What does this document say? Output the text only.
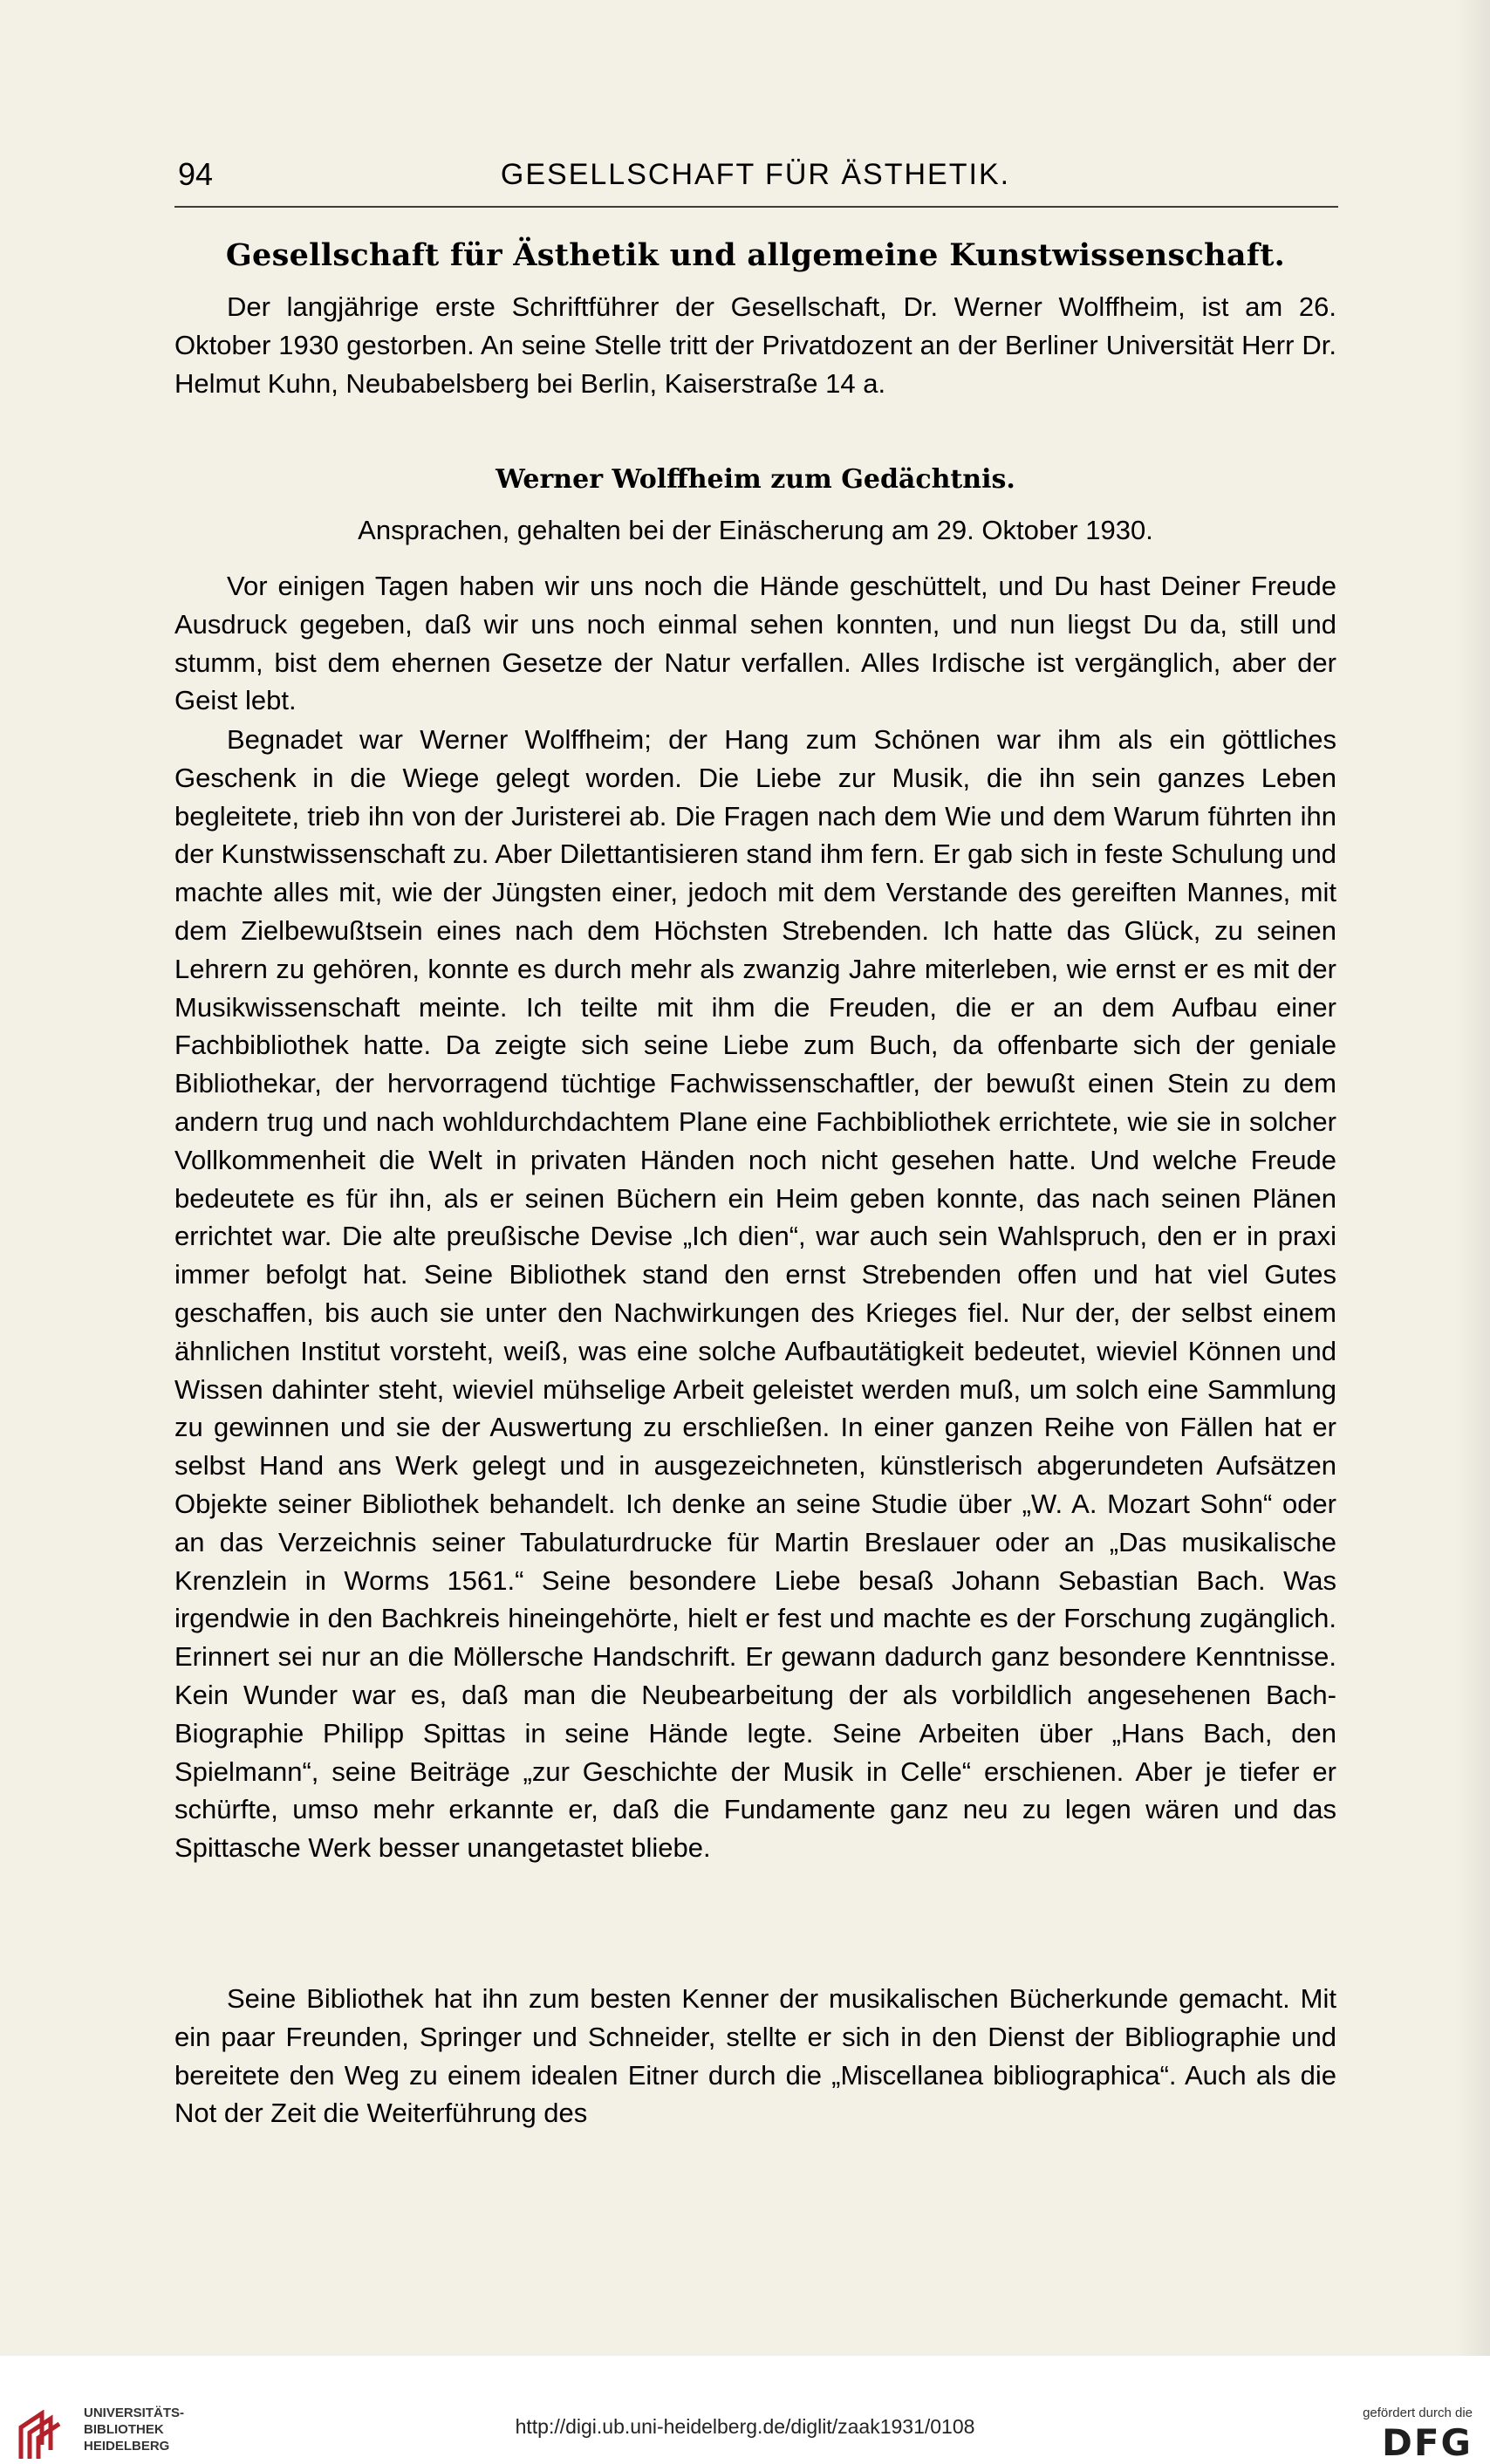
94	GESELLSCHAFT FÜR ÄSTHETIK.
Gesellschaft für Ästhetik und allgemeine Kunstwissenschaft.

Der langjährige erste Schriftführer der Gesellschaft, Dr. Werner Wolffheim, ist am 26. Oktober 1930 gestorben. An seine Stelle tritt der Privatdozent an der Berliner Universität Herr Dr. Helmut Kuhn, Neubabelsberg bei Berlin, Kaiserstraße 14 a.

Werner Wolffheim zum Gedächtnis.
Ansprachen, gehalten bei der Einäscherung am 29. Oktober 1930.

Vor einigen Tagen haben wir uns noch die Hände geschüttelt, und Du hast Deiner Freude Ausdruck gegeben, daß wir uns noch einmal sehen konnten, und nun liegst Du da, still und stumm, bist dem ehernen Gesetze der Natur verfallen. Alles Irdische ist vergänglich, aber der Geist lebt.

Begnadet war Werner Wolffheim; der Hang zum Schönen war ihm als ein göttliches Geschenk in die Wiege gelegt worden. Die Liebe zur Musik, die ihn sein ganzes Leben begleitete, trieb ihn von der Juristerei ab. Die Fragen nach dem Wie und dem Warum führten ihn der Kunstwissenschaft zu. Aber Dilettantisieren stand ihm fern. Er gab sich in feste Schulung und machte alles mit, wie der Jüngsten einer, jedoch mit dem Verstande des gereiften Mannes, mit dem Zielbewußtsein eines nach dem Höchsten Strebenden. Ich hatte das Glück, zu seinen Lehrern zu gehören, konnte es durch mehr als zwanzig Jahre miterleben, wie ernst er es mit der Musikwissenschaft meinte. Ich teilte mit ihm die Freuden, die er an dem Aufbau einer Fachbibliothek hatte. Da zeigte sich seine Liebe zum Buch, da offenbarte sich der geniale Bibliothekar, der hervorragend tüchtige Fachwissenschaftler, der bewußt einen Stein zu dem andern trug und nach wohldurchdachtem Plane eine Fachbibliothek errichtete, wie sie in solcher Vollkommenheit die Welt in privaten Händen noch nicht gesehen hatte. Und welche Freude bedeutete es für ihn, als er seinen Büchern ein Heim geben konnte, das nach seinen Plänen errichtet war. Die alte preußische Devise „Ich dien“, war auch sein Wahlspruch, den er in praxi immer befolgt hat. Seine Bibliothek stand den ernst Strebenden offen und hat viel Gutes geschaffen, bis auch sie unter den Nachwirkungen des Krieges fiel. Nur der, der selbst einem ähnlichen Institut vorsteht, weiß, was eine solche Aufbautätigkeit bedeutet, wieviel Können und Wissen dahinter steht, wieviel mühselige Arbeit geleistet werden muß, um solch eine Sammlung zu gewinnen und sie der Auswertung zu erschließen. In einer ganzen Reihe von Fällen hat er selbst Hand ans Werk gelegt und in ausgezeichneten, künstlerisch abgerundeten Aufsätzen Objekte seiner Bibliothek behandelt. Ich denke an seine Studie über „W. A. Mozart Sohn“ oder an das Verzeichnis seiner Tabulaturdrucke für Martin Breslauer oder an „Das musikalische Krenzlein in Worms 1561.“ Seine besondere Liebe besaß Johann Sebastian Bach. Was irgendwie in den Bachkreis hineingehörte, hielt er fest und machte es der Forschung zugänglich. Erinnert sei nur an die Möllersche Handschrift. Er gewann dadurch ganz besondere Kenntnisse. Kein Wunder war es, daß man die Neubearbeitung der als vorbildlich angesehenen Bach-Biographie Philipp Spittas in seine Hände legte. Seine Arbeiten über „Hans Bach, den Spielmann“, seine Beiträge „zur Geschichte der Musik in Celle“ erschienen. Aber je tiefer er schürfte, umso mehr erkannte er, daß die Fundamente ganz neu zu legen wären und das Spittasche Werk besser unangetastet bliebe.

Seine Bibliothek hat ihn zum besten Kenner der musikalischen Bücherkunde gemacht. Mit ein paar Freunden, Springer und Schneider, stellte er sich in den Dienst der Bibliographie und bereitete den Weg zu einem idealen Eitner durch die „Miscellanea bibliographica“. Auch als die Not der Zeit die Weiterführung des

UNIVERSITÄTS-
BIBLIOTHEK
HEIDELBERG
http://digi.ub.uni-heidelberg.de/diglit/zaak1931/0108
gefördert durch die
DFG
